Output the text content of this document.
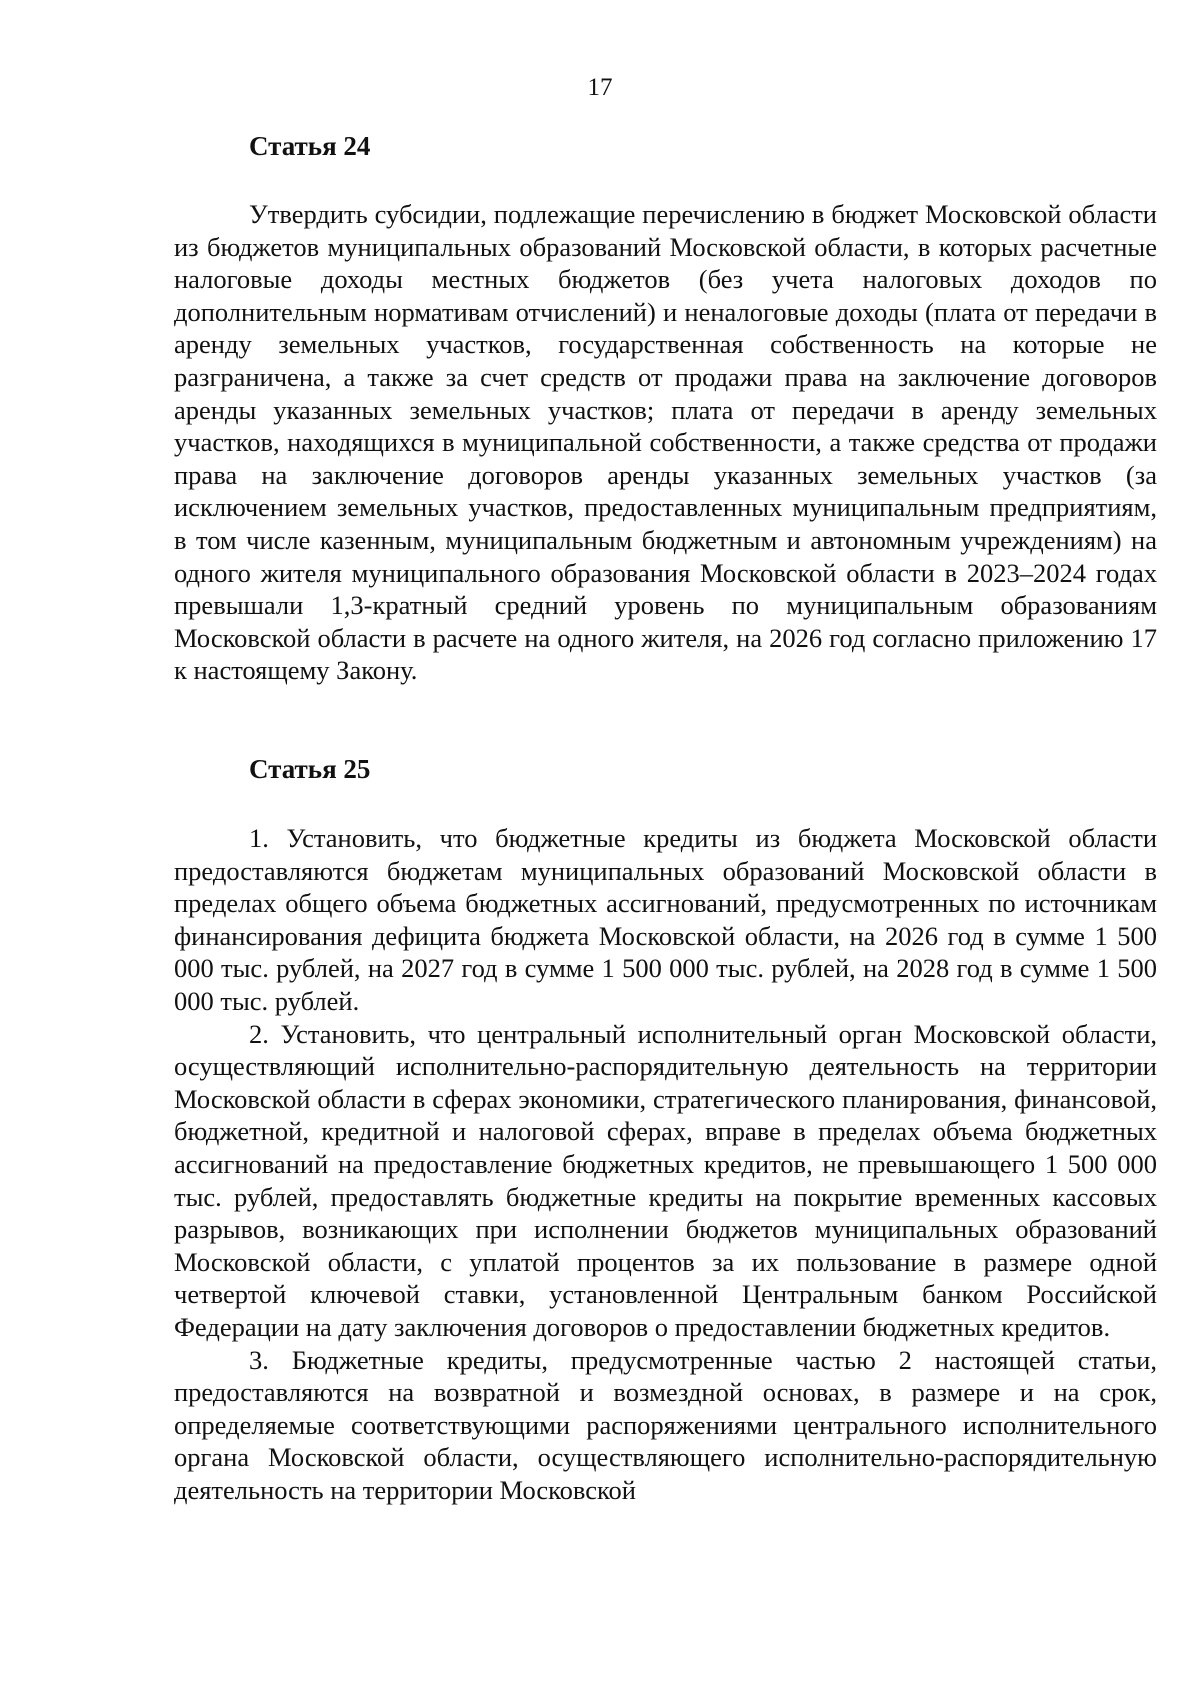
17

Статья 24

Утвердить субсидии, подлежащие перечислению в бюджет Московской области из бюджетов муниципальных образований Московской области, в которых расчетные налоговые доходы местных бюджетов (без учета налоговых доходов по дополнительным нормативам отчислений) и неналоговые доходы (плата от передачи в аренду земельных участков, государственная собственность на которые не разграничена, а также за счет средств от продажи права на заключение договоров аренды указанных земельных участков; плата от передачи в аренду земельных участков, находящихся в муниципальной собственности, а также средства от продажи права на заключение договоров аренды указанных земельных участков (за исключением земельных участков, предоставленных муниципальным предприятиям, в том числе казенным, муниципальным бюджетным и автономным учреждениям) на одного жителя муниципального образования Московской области в 2023–2024 годах превышали 1,3-кратный средний уровень по муниципальным образованиям Московской области в расчете на одного жителя, на 2026 год согласно приложению 17 к настоящему Закону.

Статья 25

1. Установить, что бюджетные кредиты из бюджета Московской области предоставляются бюджетам муниципальных образований Московской области в пределах общего объема бюджетных ассигнований, предусмотренных по источникам финансирования дефицита бюджета Московской области, на 2026 год в сумме 1 500 000 тыс. рублей, на 2027 год в сумме 1 500 000 тыс. рублей, на 2028 год в сумме 1 500 000 тыс. рублей.

2. Установить, что центральный исполнительный орган Московской области, осуществляющий исполнительно-распорядительную деятельность на территории Московской области в сферах экономики, стратегического планирования, финансовой, бюджетной, кредитной и налоговой сферах, вправе в пределах объема бюджетных ассигнований на предоставление бюджетных кредитов, не превышающего 1 500 000 тыс. рублей, предоставлять бюджетные кредиты на покрытие временных кассовых разрывов, возникающих при исполнении бюджетов муниципальных образований Московской области, с уплатой процентов за их пользование в размере одной четвертой ключевой ставки, установленной Центральным банком Российской Федерации на дату заключения договоров о предоставлении бюджетных кредитов.

3. Бюджетные кредиты, предусмотренные частью 2 настоящей статьи, предоставляются на возвратной и возмездной основах, в размере и на срок, определяемые соответствующими распоряжениями центрального исполнительного органа Московской области, осуществляющего исполнительно-распорядительную деятельность на территории Московской
